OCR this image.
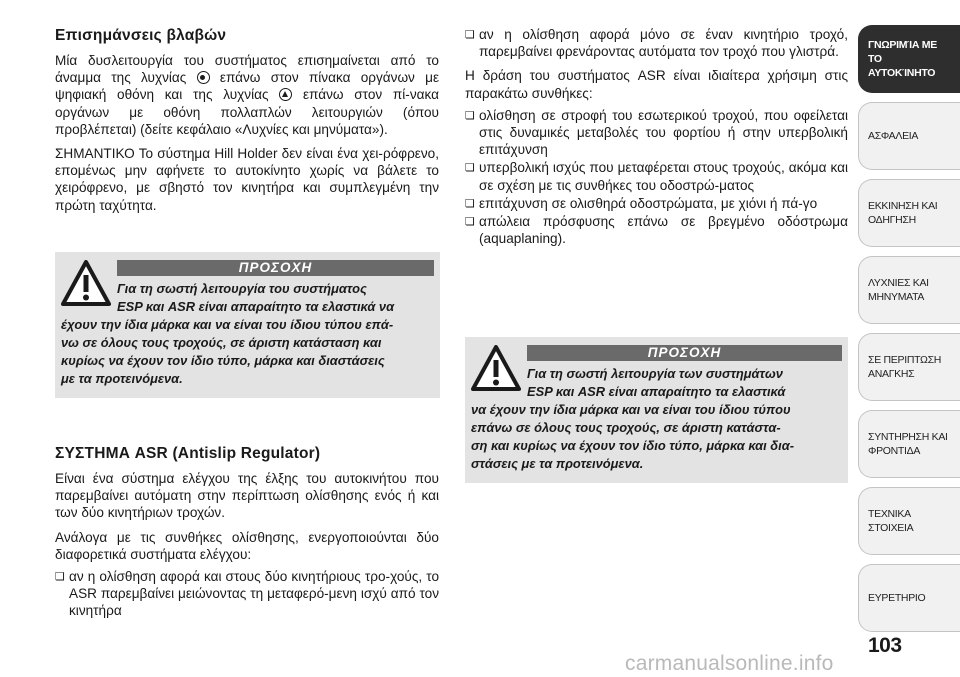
Επισημάνσεις βλαβών

Μία δυσλειτουργία του συστήματος επισημαίνεται από το άναμμα της λυχνίας επάνω στον πίνακα οργάνων με ψηφιακή οθόνη και της λυχνίας	επάνω στον πί-νακα οργάνων με οθόνη πολλαπλών λειτουργιών (όπου προβλέπεται) (δείτε κεφάλαιο «Λυχνίες και μηνύματα»).

ΣΗΜΑΝΤΙΚΟ Το σύστημα Hill Holder δεν είναι ένα χει-ρόφρενο, επομένως μην αφήνετε το αυτοκίνητο χωρίς να βάλετε το χειρόφρενο, με σβηστό τον κινητήρα και συμπλεγμένη την πρώτη ταχύτητα.

ΣΥΣΤΗΜΑ ASR (Antislip Regulator)

Είναι ένα σύστημα ελέγχου της έλξης του αυτοκινήτου που παρεμβαίνει αυτόματη στην περίπτωση ολίσθησης ενός ή και των δύο κινητήριων τροχών.

Ανάλογα με τις συνθήκες ολίσθησης, ενεργοποιούνται δύο διαφορετικά συστήματα ελέγχου:

❏ αν η ολίσθηση αφορά και στους δύο κινητήριους τρο-χούς, το ASR παρεμβαίνει μειώνοντας τη μεταφερό-μενη ισχύ από τον κινητήρα
ΠΡΟΣΟΧΗ
Για τη σωστή λειτουργία του συστήματος
ESP και ASR είναι απαραίτητο τα ελαστικά να
έχουν την ίδια μάρκα και να είναι του ίδιου τύπου επά-
νω σε όλους τους τροχούς, σε άριστη κατάσταση και
κυρίως να έχουν τον ίδιο τύπο, μάρκα και διαστάσεις
με τα προτεινόμενα.
❏ αν η ολίσθηση αφορά μόνο σε έναν κινητήριο τροχό, παρεμβαίνει φρενάροντας αυτόματα τον τροχό που γλιστρά.

Η δράση του συστήματος ASR είναι ιδιαίτερα χρήσιμη στις παρακάτω συνθήκες:

❏ ολίσθηση σε στροφή του εσωτερικού τροχού, που οφείλεται στις δυναμικές μεταβολές του φορτίου ή στην υπερβολική επιτάχυνση
❏ υπερβολική ισχύς που μεταφέρεται στους τροχούς, ακόμα και σε σχέση με τις συνθήκες του οδοστρώ-ματος
❏ επιτάχυνση σε ολισθηρά οδοστρώματα, με χιόνι ή πά-γο
❏ απώλεια πρόσφυσης επάνω σε βρεγμένο οδόστρωμα (aquaplaning).
ΠΡΟΣΟΧΗ
Για τη σωστή λειτουργία των συστημάτων
ESP και ASR είναι απαραίτητο τα ελαστικά
να έχουν την ίδια μάρκα και να είναι του ίδιου τύπου
επάνω σε όλους τους τροχούς, σε άριστη κατάστα-
ση και κυρίως να έχουν τον ίδιο τύπο, μάρκα και δια-
στάσεις με τα προτεινόμενα.
ΓΝΩΡΙΜΊΑ ΜΕ ΤΟ
ΑΥΤΟΚΊΝΗΤΟ
ΑΣΦΑΛΕΙΑ
ΕΚΚΙΝΗΣΗ ΚΑΙ
ΟΔΗΓΗΣΗ
ΛΥΧΝΙΕΣ ΚΑΙ
ΜΗΝΥΜΑΤΑ
ΣΕ ΠΕΡΙΠΤΩΣΗ
ΑΝΑΓΚΗΣ
ΣΥΝΤΗΡΗΣΗ ΚΑΙ
ΦΡΟΝΤΙΔΑ
ΤΕΧΝΙΚΑ ΣΤΟΙΧΕΙΑ
ΕΥΡΕΤΗΡΙΟ
103
carmanualsonline.info
